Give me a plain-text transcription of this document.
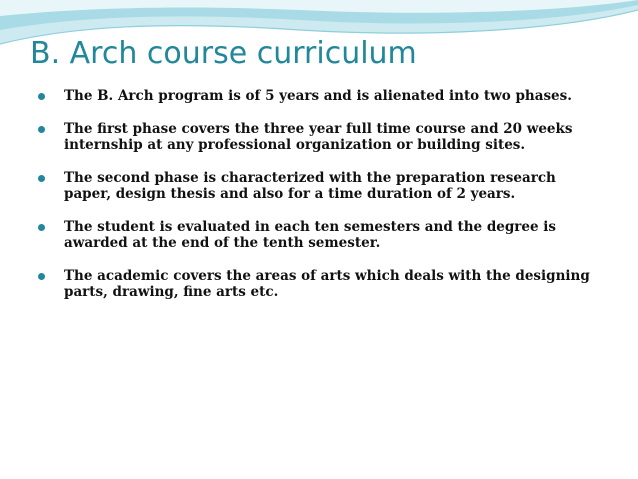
B. Arch course curriculum
The B. Arch program is of 5 years and is alienated into two phases.
The first phase covers the three year full time course and 20 weeks internship at any professional organization or building sites.
The second phase is characterized with the preparation research paper, design thesis and also for a time duration of 2 years.
The student is evaluated in each ten semesters and the degree is awarded at the end of the tenth semester.
The academic covers the areas of arts which deals with the designing parts, drawing, fine arts etc.
